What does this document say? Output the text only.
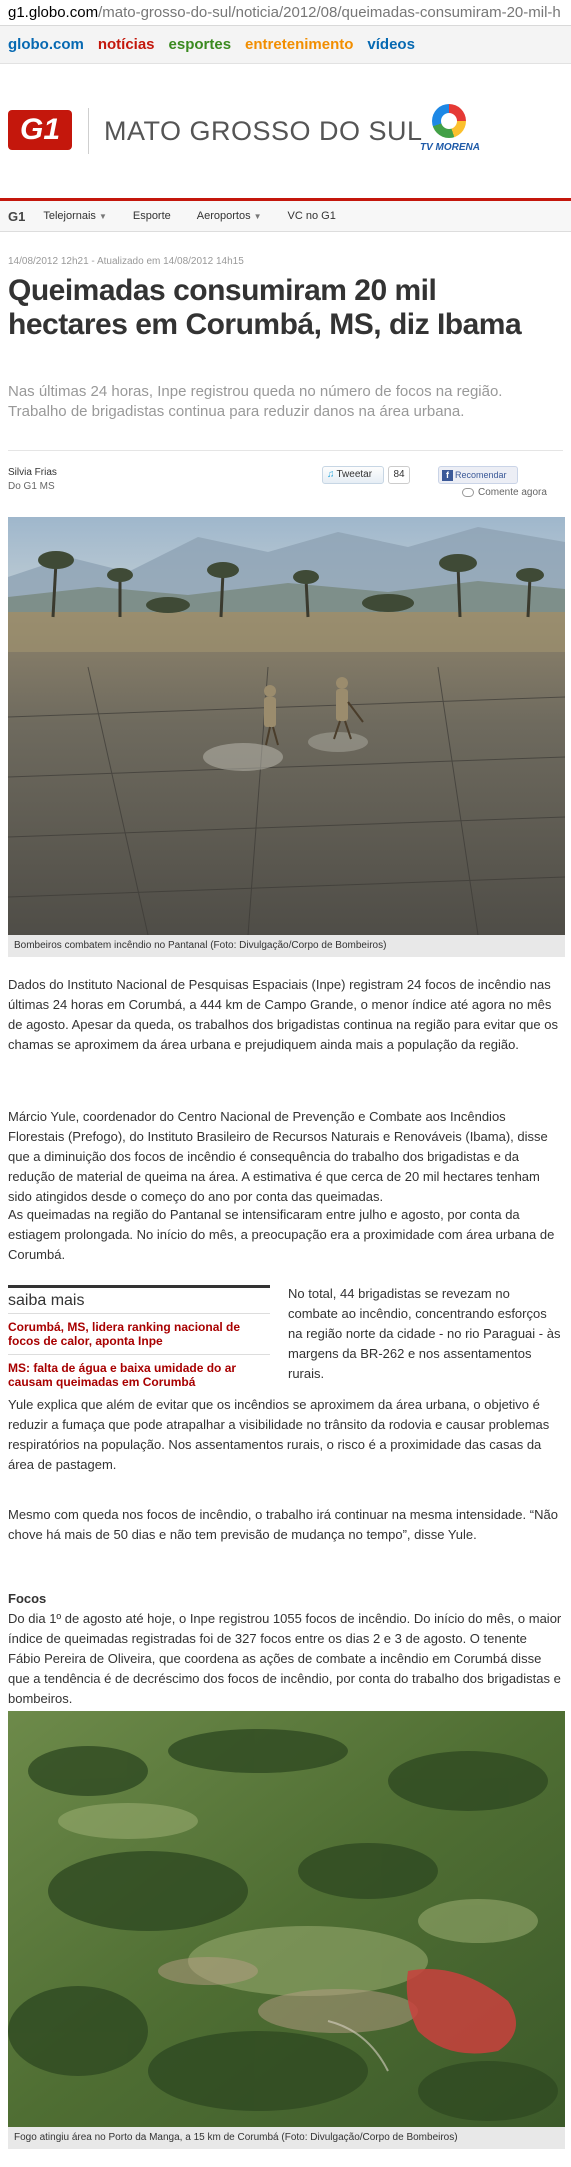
g1.globo.com/mato-grosso-do-sul/noticia/2012/08/queimadas-consumiram-20-mil-h
globo.com notícias esportes entretenimento vídeos
G1	MATO GROSSO DO SUL
TV MORENA
G1 Telejornais ▼ Esporte Aeroportos ▼ VC no G1
14/08/2012 12h21 - Atualizado em 14/08/2012 14h15
Queimadas consumiram 20 mil hectares em Corumbá, MS, diz Ibama
Nas últimas 24 horas, Inpe registrou queda no número de focos na região. Trabalho de brigadistas continua para reduzir danos na área urbana.
Silvia Frias
Do G1 MS
♫ Tweetar	84	f Recomendar
Comente agora
Bombeiros combatem incêndio no Pantanal (Foto: Divulgação/Corpo de Bombeiros)

Dados do Instituto Nacional de Pesquisas Espaciais (Inpe) registram 24 focos de incêndio nas últimas 24 horas em Corumbá, a 444 km de Campo Grande, o menor índice até agora no mês de agosto. Apesar da queda, os trabalhos dos brigadistas continua na região para evitar que os chamas se aproximem da área urbana e prejudiquem ainda mais a população da região.

Márcio Yule, coordenador do Centro Nacional de Prevenção e Combate aos Incêndios Florestais (Prefogo), do Instituto Brasileiro de Recursos Naturais e Renováveis (Ibama), disse que a diminuição dos focos de incêndio é consequência do trabalho dos brigadistas e da redução de material de queima na área. A estimativa é que cerca de 20 mil hectares tenham sido atingidos desde o começo do ano por conta das queimadas.

As queimadas na região do Pantanal se intensificaram entre julho e agosto, por conta da estiagem prolongada. No início do mês, a preocupação era a proximidade com área urbana de Corumbá.

saiba mais
Corumbá, MS, lidera ranking nacional de focos de calor, aponta Inpe
MS: falta de água e baixa umidade do ar causam queimadas em Corumbá

No total, 44 brigadistas se revezam no combate ao incêndio, concentrando esforços na região norte da cidade - no rio Paraguai - às margens da BR-262 e nos assentamentos rurais.

Yule explica que além de evitar que os incêndios se aproximem da área urbana, o objetivo é reduzir a fumaça que pode atrapalhar a visibilidade no trânsito da rodovia e causar problemas respiratórios na população. Nos assentamentos rurais, o risco é a proximidade das casas da área de pastagem.

Mesmo com queda nos focos de incêndio, o trabalho irá continuar na mesma intensidade. “Não chove há mais de 50 dias e não tem previsão de mudança no tempo”, disse Yule.

Focos

Do dia 1º de agosto até hoje, o Inpe registrou 1055 focos de incêndio. Do início do mês, o maior índice de queimadas registradas foi de 327 focos entre os dias 2 e 3 de agosto. O tenente Fábio Pereira de Oliveira, que coordena as ações de combate a incêndio em Corumbá disse que a tendência é de decréscimo dos focos de incêndio, por conta do trabalho dos brigadistas e bombeiros.

Fogo atingiu área no Porto da Manga, a 15 km de Corumbá (Foto: Divulgação/Corpo de Bombeiros)
